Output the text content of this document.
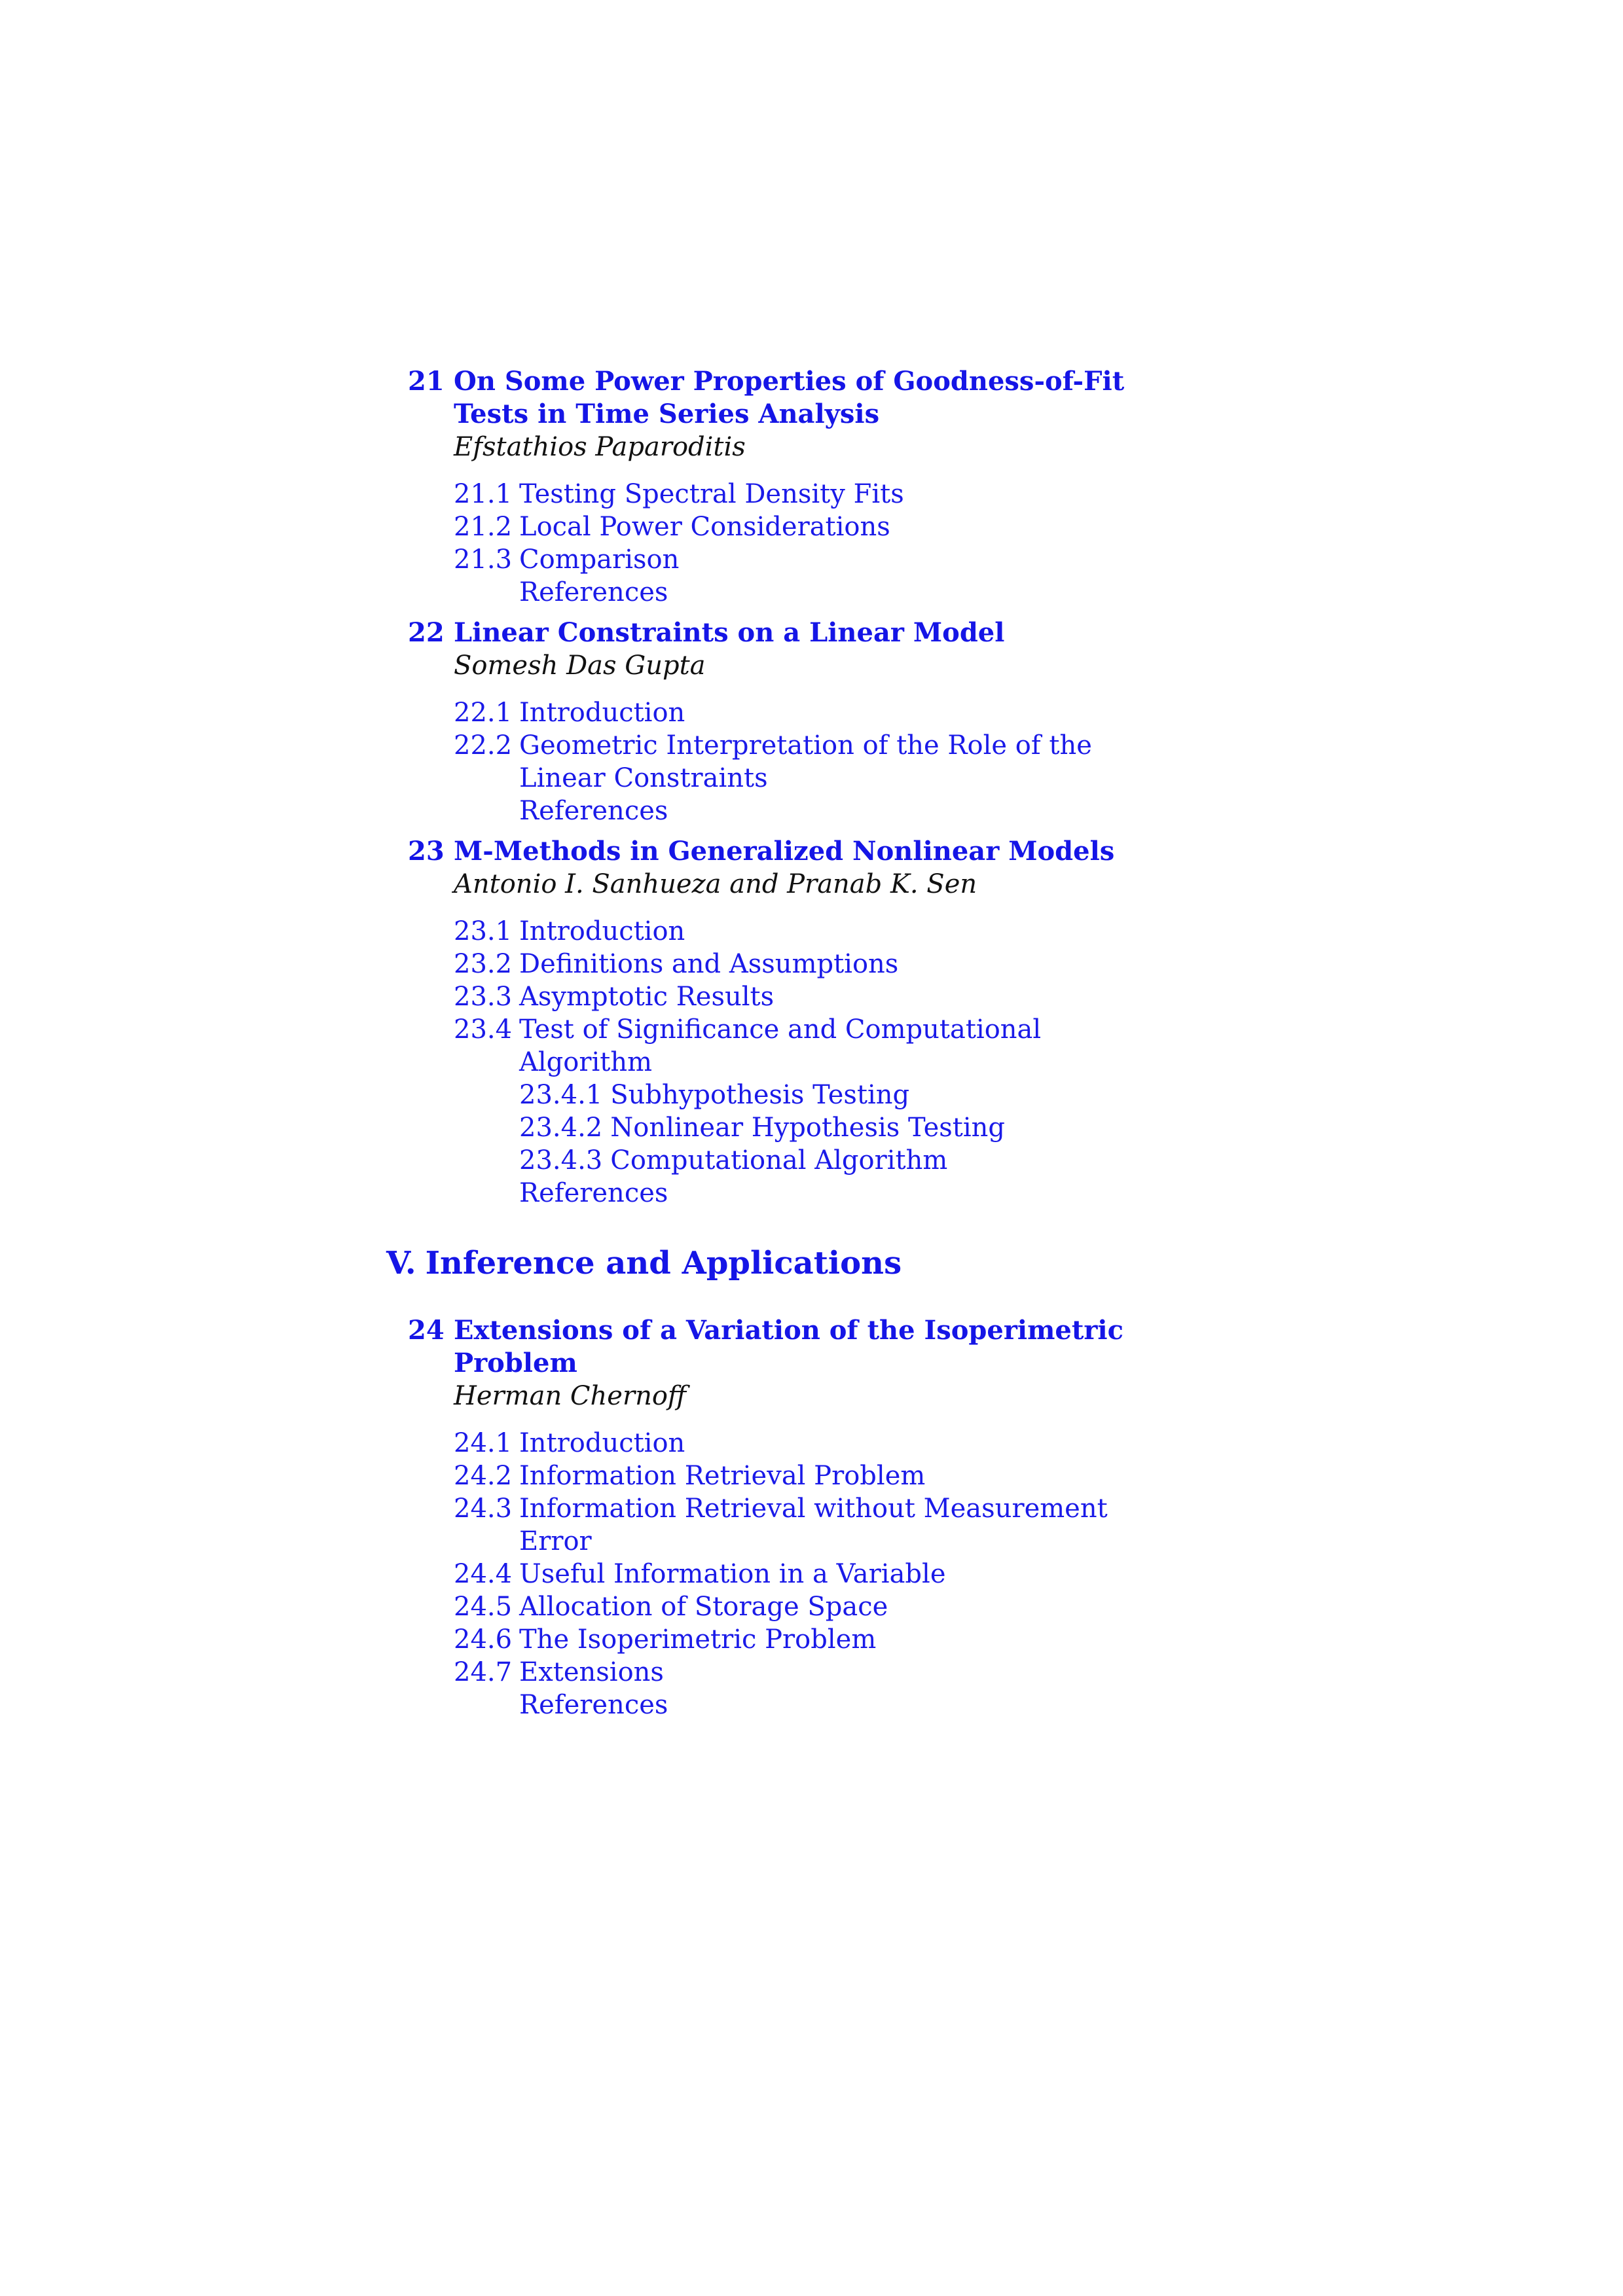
21 On Some Power Properties of Goodness-of-Fit
Tests in Time Series Analysis
Efstathios Paparoditis
21.1 Testing Spectral Density Fits
21.2 Local Power Considerations
21.3 Comparison
References
22 Linear Constraints on a Linear Model
Somesh Das Gupta
22.1 Introduction
22.2 Geometric Interpretation of the Role of the
Linear Constraints
References
23 M-Methods in Generalized Nonlinear Models
Antonio I. Sanhueza and Pranab K. Sen
23.1 Introduction
23.2 Definitions and Assumptions
23.3 Asymptotic Results
23.4 Test of Significance and Computational
Algorithm
23.4.1 Subhypothesis Testing
23.4.2 Nonlinear Hypothesis Testing
23.4.3 Computational Algorithm
References
V. Inference and Applications
24 Extensions of a Variation of the Isoperimetric
Problem
Herman Chernoff
24.1 Introduction
24.2 Information Retrieval Problem
24.3 Information Retrieval without Measurement
Error
24.4 Useful Information in a Variable
24.5 Allocation of Storage Space
24.6 The Isoperimetric Problem
24.7 Extensions
References
